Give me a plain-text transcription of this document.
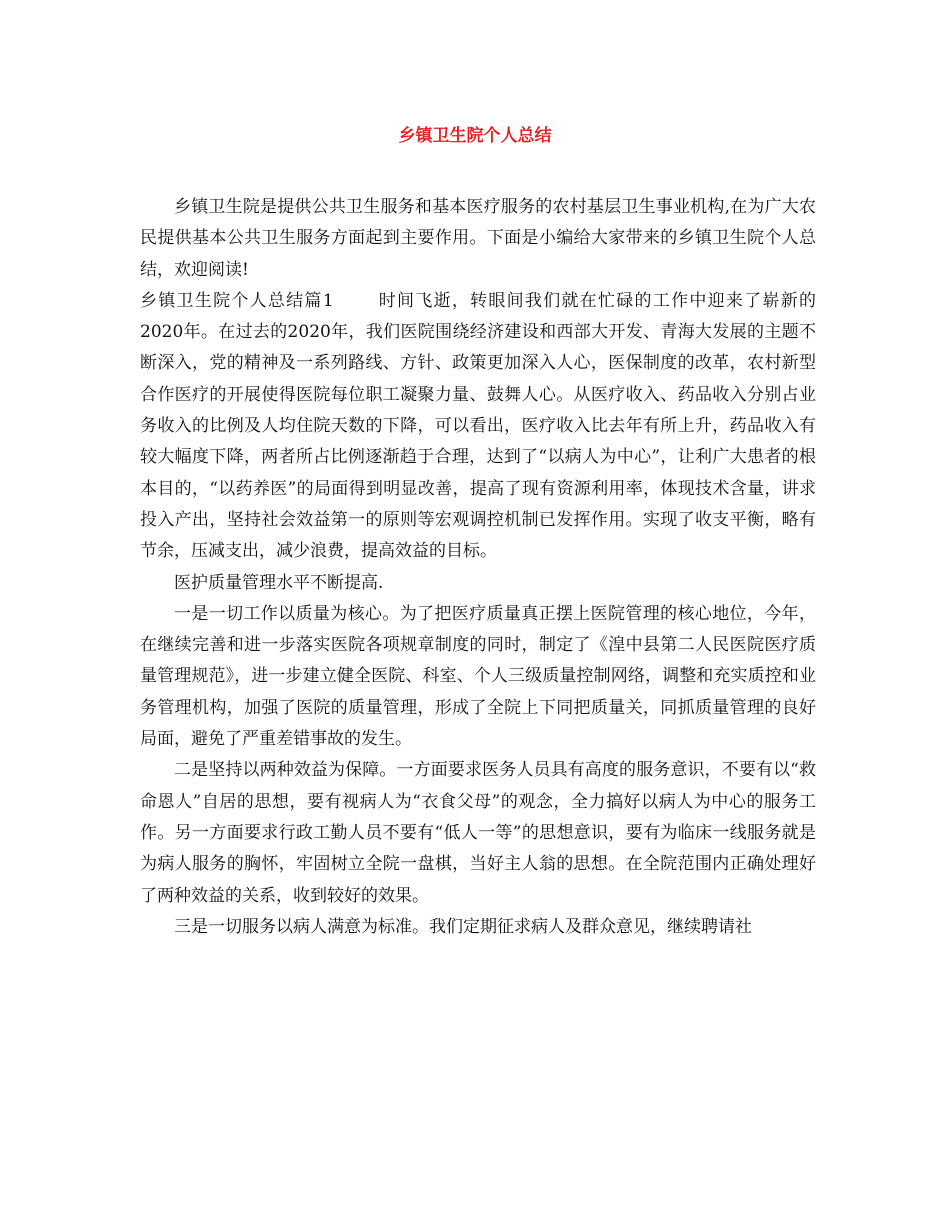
乡镇卫生院个人总结

乡镇卫生院是提供公共卫生服务和基本医疗服务的农村基层卫生事业机构,在为广大农民提供基本公共卫生服务方面起到主要作用。下面是小编给大家带来的乡镇卫生院个人总结，欢迎阅读!

乡镇卫生院个人总结篇1	时间飞逝，转眼间我们就在忙碌的工作中迎来了崭新的2020年。在过去的2020年，我们医院围绕经济建设和西部大开发、青海大发展的主题不断深入，党的精神及一系列路线、方针、政策更加深入人心，医保制度的改革，农村新型合作医疗的开展使得医院每位职工凝聚力量、鼓舞人心。从医疗收入、药品收入分别占业务收入的比例及人均住院天数的下降，可以看出，医疗收入比去年有所上升，药品收入有较大幅度下降，两者所占比例逐渐趋于合理，达到了“以病人为中心”，让利广大患者的根本目的，“以药养医”的局面得到明显改善，提高了现有资源利用率，体现技术含量，讲求投入产出，坚持社会效益第一的原则等宏观调控机制已发挥作用。实现了收支平衡，略有节余，压减支出，减少浪费，提高效益的目标。

医护质量管理水平不断提高.

一是一切工作以质量为核心。为了把医疗质量真正摆上医院管理的核心地位，今年，在继续完善和进一步落实医院各项规章制度的同时，制定了《湟中县第二人民医院医疗质量管理规范》，进一步建立健全医院、科室、个人三级质量控制网络，调整和充实质控和业务管理机构，加强了医院的质量管理，形成了全院上下同把质量关，同抓质量管理的良好局面，避免了严重差错事故的发生。

二是坚持以两种效益为保障。一方面要求医务人员具有高度的服务意识，不要有以“救命恩人”自居的思想，要有视病人为“衣食父母”的观念，全力搞好以病人为中心的服务工作。另一方面要求行政工勤人员不要有“低人一等”的思想意识，要有为临床一线服务就是为病人服务的胸怀，牢固树立全院一盘棋，当好主人翁的思想。在全院范围内正确处理好了两种效益的关系，收到较好的效果。

三是一切服务以病人满意为标准。我们定期征求病人及群众意见，继续聘请社
